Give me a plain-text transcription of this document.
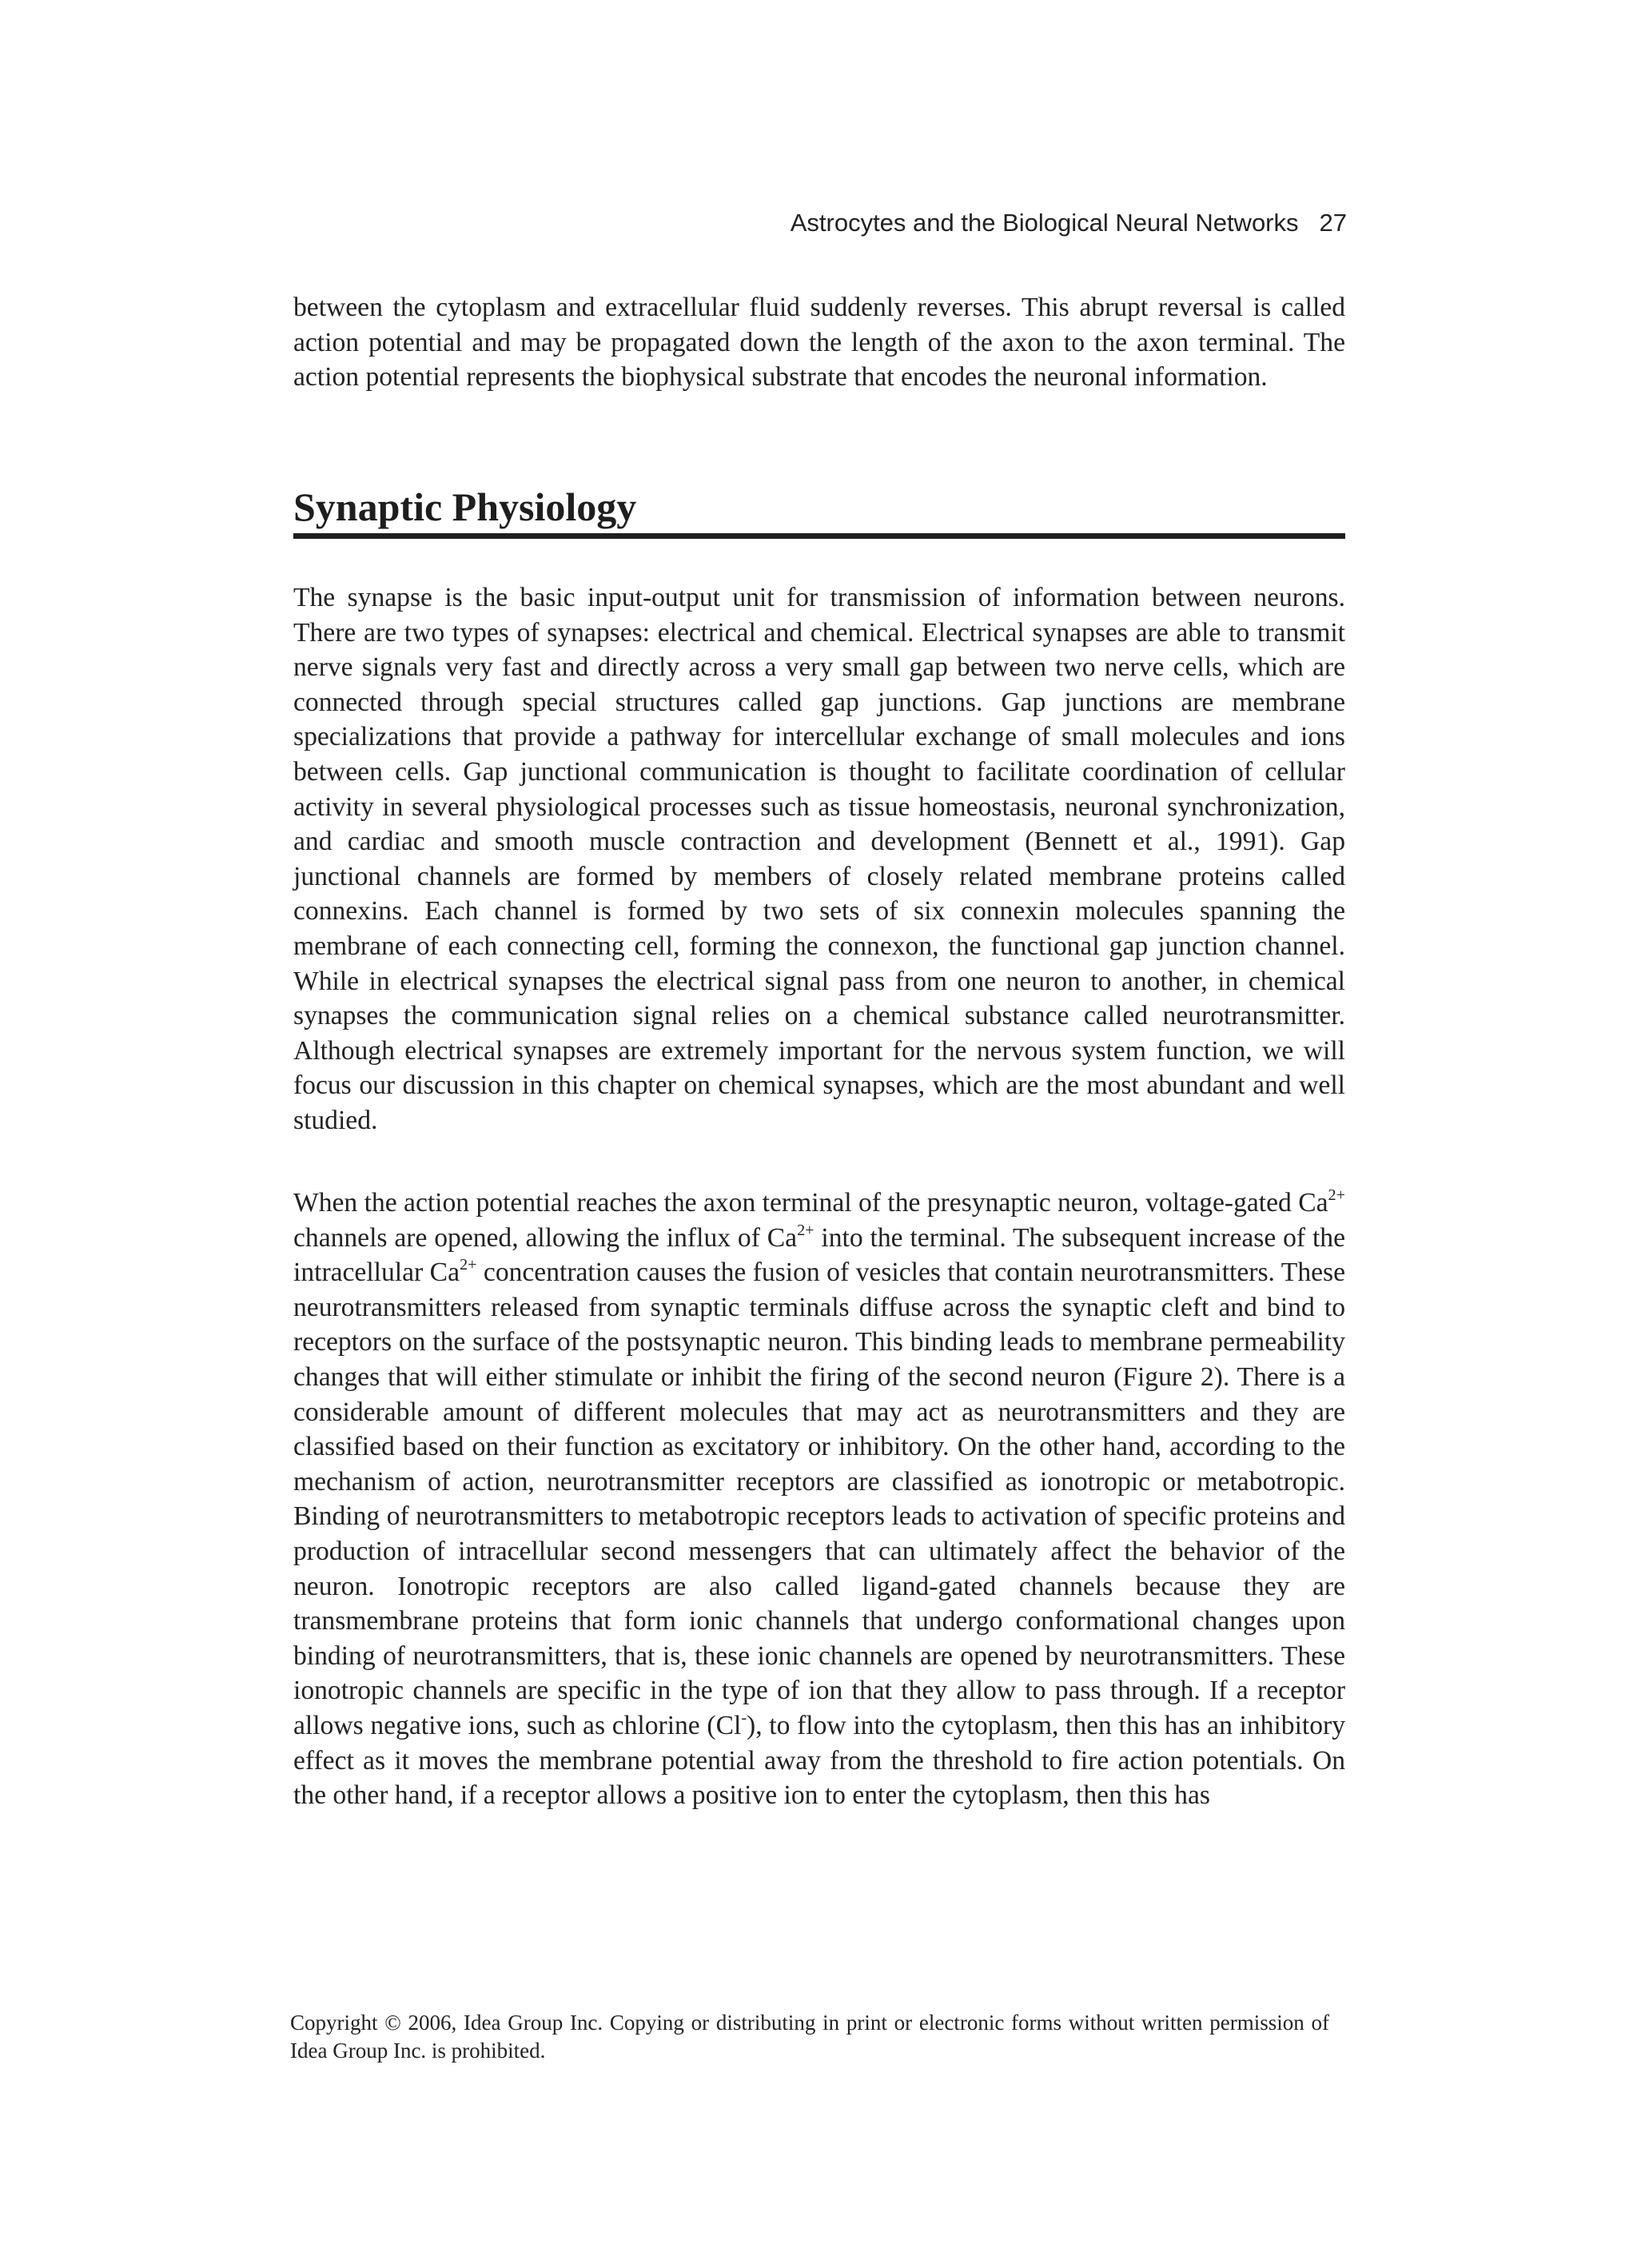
Astrocytes and the Biological Neural Networks 27

between the cytoplasm and extracellular fluid suddenly reverses. This abrupt reversal is called action potential and may be propagated down the length of the axon to the axon terminal. The action potential represents the biophysical substrate that encodes the neuronal information.

Synaptic Physiology

The synapse is the basic input-output unit for transmission of information between neurons. There are two types of synapses: electrical and chemical. Electrical synapses are able to transmit nerve signals very fast and directly across a very small gap between two nerve cells, which are connected through special structures called gap junctions. Gap junctions are membrane specializations that provide a pathway for intercellular exchange of small molecules and ions between cells. Gap junctional communication is thought to facilitate coordination of cellular activity in several physiological processes such as tissue homeostasis, neuronal synchronization, and cardiac and smooth muscle contraction and development (Bennett et al., 1991). Gap junctional channels are formed by members of closely related membrane proteins called connexins. Each channel is formed by two sets of six connexin molecules spanning the membrane of each connecting cell, forming the connexon, the functional gap junction channel. While in electrical synapses the electrical signal pass from one neuron to another, in chemical synapses the communication signal relies on a chemical substance called neurotransmitter. Although electrical synapses are extremely important for the nervous system function, we will focus our discussion in this chapter on chemical synapses, which are the most abundant and well studied.

When the action potential reaches the axon terminal of the presynaptic neuron, voltage-gated $Ca^{2+}$ channels are opened, allowing the influx of $Ca^{2+}$ into the terminal. The subsequent increase of the intracellular $Ca^{2+}$ concentration causes the fusion of vesicles that contain neurotransmitters. These neurotransmitters released from synaptic terminals diffuse across the synaptic cleft and bind to receptors on the surface of the postsynaptic neuron. This binding leads to membrane permeability changes that will either stimulate or inhibit the firing of the second neuron (Figure 2). There is a considerable amount of different molecules that may act as neurotransmitters and they are classified based on their function as excitatory or inhibitory. On the other hand, according to the mechanism of action, neurotransmitter receptors are classified as ionotropic or metabotropic. Binding of neurotransmitters to metabotropic receptors leads to activation of specific proteins and production of intracellular second messengers that can ultimately affect the behavior of the neuron. Ionotropic receptors are also called ligand-gated channels because they are transmembrane proteins that form ionic channels that undergo conformational changes upon binding of neurotransmitters, that is, these ionic channels are opened by neurotransmitters. These ionotropic channels are specific in the type of ion that they allow to pass through. If a receptor allows negative ions, such as chlorine (Cl-), to flow into the cytoplasm, then this has an inhibitory effect as it moves the membrane potential away from the threshold to fire action potentials. On the other hand, if a receptor allows a positive ion to enter the cytoplasm, then this has

Copyright © 2006, Idea Group Inc. Copying or distributing in print or electronic forms without written permission of Idea Group Inc. is prohibited.
